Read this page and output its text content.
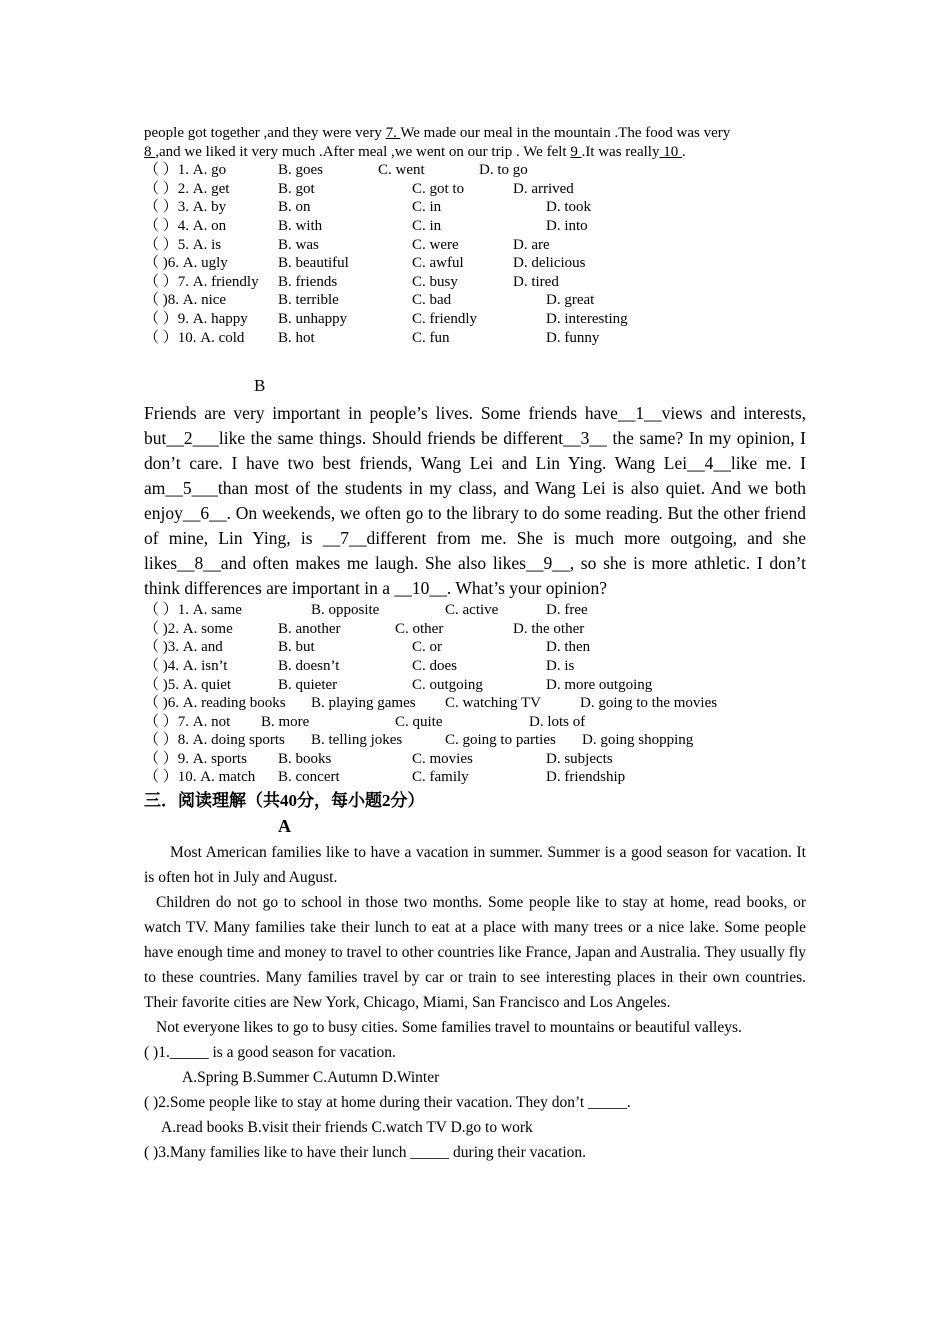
people got together ,and they were very 7. We made our meal in the mountain .The food was very
8 ,and we liked it very much .After meal ,we went on our trip . We felt 9 .It was really 10 .

（ ）1. A. go	B. goes	C. went	D. to go
（ ）2. A. get	B. got	C. got to	D. arrived
（ ）3. A. by	B. on	C. in	D. took
（ ）4. A. on	B. with	C. in	D. into
（ ）5. A. is	B. was	C. were	D. are
（ )6. A. ugly	B. beautiful	C. awful	D. delicious
（ ）7. A. friendly B. friends	C. busy	D. tired
（ )8. A. nice	B. terrible	C. bad	D. great
（ ）9. A. happy B. unhappy	C. friendly	D. interesting
（ ）10. A. cold B. hot	C. fun	D. funny
B

Friends are very important in people’s lives. Some friends have__1__views and interests, but__2___like the same things. Should friends be different__3__ the same? In my opinion, I don’t care. I have two best friends, Wang Lei and Lin Ying. Wang Lei__4__like me. I am__5___than most of the students in my class, and Wang Lei is also quiet. And we both enjoy__6__. On weekends, we often go to the library to do some reading. But the other friend of mine, Lin Ying, is __7__different from me. She is much more outgoing, and she likes__8__and often makes me laugh. She also likes__9__, so she is more athletic. I don’t think differences are important in a __10__. What’s your opinion?

（ ）1. A. same	B. opposite	C. active	D. free
（ )2. A. some	B. another	C. other	D. the other
（ )3. A. and	B. but	C. or	D. then
（ )4. A. isn’t	B. doesn’t	C. does	D. is
（ )5. A. quiet	B. quieter	C. outgoing	D. more outgoing
（ )6. A. reading books B. playing games C. watching TV	D. going to the movies
（ ）7. A. not B. more	C. quite	D. lots of
（ ）8. A. doing sports B. telling jokes	C. going to parties D. going shopping
（ ）9. A. sports B. books	C. movies	D. subjects
（ ）10. A. match B. concert	C. family	D. friendship
三．阅读理解（共40分，每小题2分）
A

Most American families like to have a vacation in summer. Summer is a good season for vacation. It is often hot in July and August.

Children do not go to school in those two months. Some people like to stay at home, read books, or watch TV. Many families take their lunch to eat at a place with many trees or a nice lake. Some people have enough time and money to travel to other countries like France, Japan and Australia. They usually fly to these countries. Many families travel by car or train to see interesting places in their own countries. Their favorite cities are New York, Chicago, Miami, San Francisco and Los Angeles.

Not everyone likes to go to busy cities. Some families travel to mountains or beautiful valleys.

( )1._____ is a good season for vacation.

A.Spring B.Summer C.Autumn D.Winter

( )2.Some people like to stay at home during their vacation. They don’t _____.

A.read books B.visit their friends C.watch TV D.go to work

( )3.Many families like to have their lunch _____ during their vacation.
